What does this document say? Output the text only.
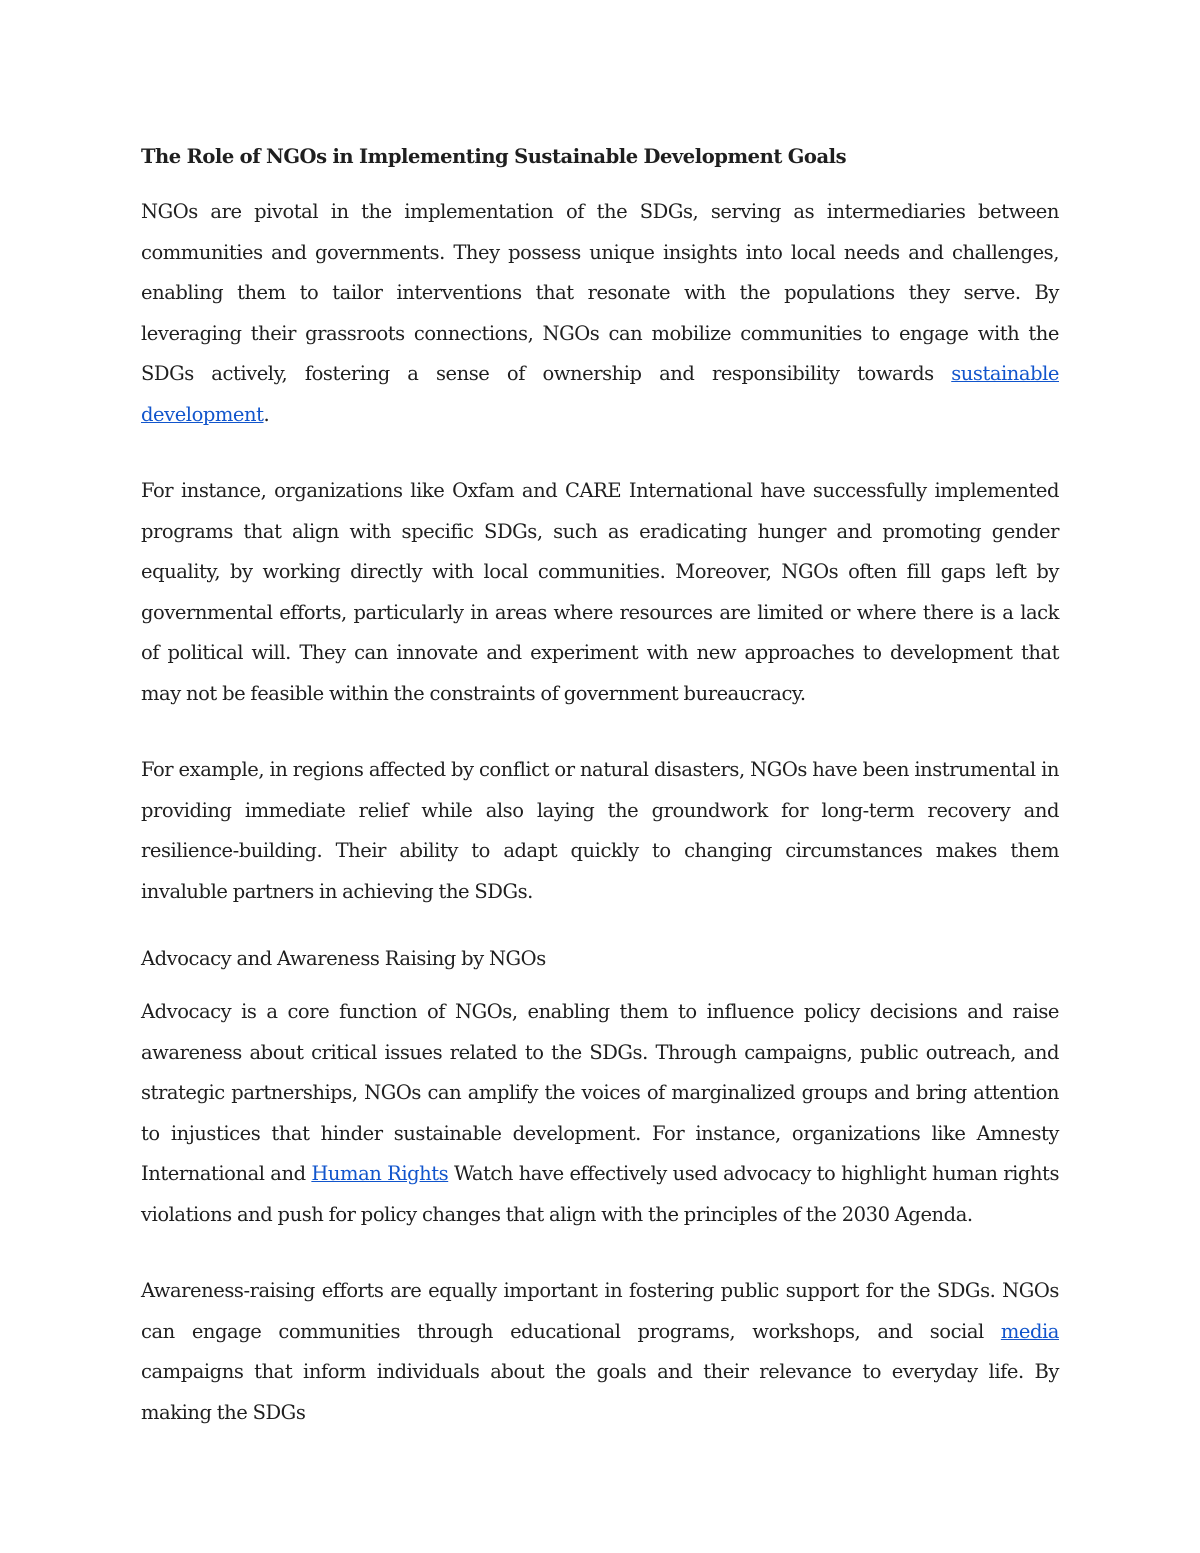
The Role of NGOs in Implementing Sustainable Development Goals

NGOs are pivotal in the implementation of the SDGs, serving as intermediaries between communities and governments. They possess unique insights into local needs and challenges, enabling them to tailor interventions that resonate with the populations they serve. By leveraging their grassroots connections, NGOs can mobilize communities to engage with the SDGs actively, fostering a sense of ownership and responsibility towards sustainable development.

For instance, organizations like Oxfam and CARE International have successfully implemented programs that align with specific SDGs, such as eradicating hunger and promoting gender equality, by working directly with local communities. Moreover, NGOs often fill gaps left by governmental efforts, particularly in areas where resources are limited or where there is a lack of political will. They can innovate and experiment with new approaches to development that may not be feasible within the constraints of government bureaucracy.

For example, in regions affected by conflict or natural disasters, NGOs have been instrumental in providing immediate relief while also laying the groundwork for long-term recovery and resilience-building. Their ability to adapt quickly to changing circumstances makes them invaluble partners in achieving the SDGs.

Advocacy and Awareness Raising by NGOs

Advocacy is a core function of NGOs, enabling them to influence policy decisions and raise awareness about critical issues related to the SDGs. Through campaigns, public outreach, and strategic partnerships, NGOs can amplify the voices of marginalized groups and bring attention to injustices that hinder sustainable development. For instance, organizations like Amnesty International and Human Rights Watch have effectively used advocacy to highlight human rights violations and push for policy changes that align with the principles of the 2030 Agenda.

Awareness-raising efforts are equally important in fostering public support for the SDGs. NGOs can engage communities through educational programs, workshops, and social media campaigns that inform individuals about the goals and their relevance to everyday life. By making the SDGs
